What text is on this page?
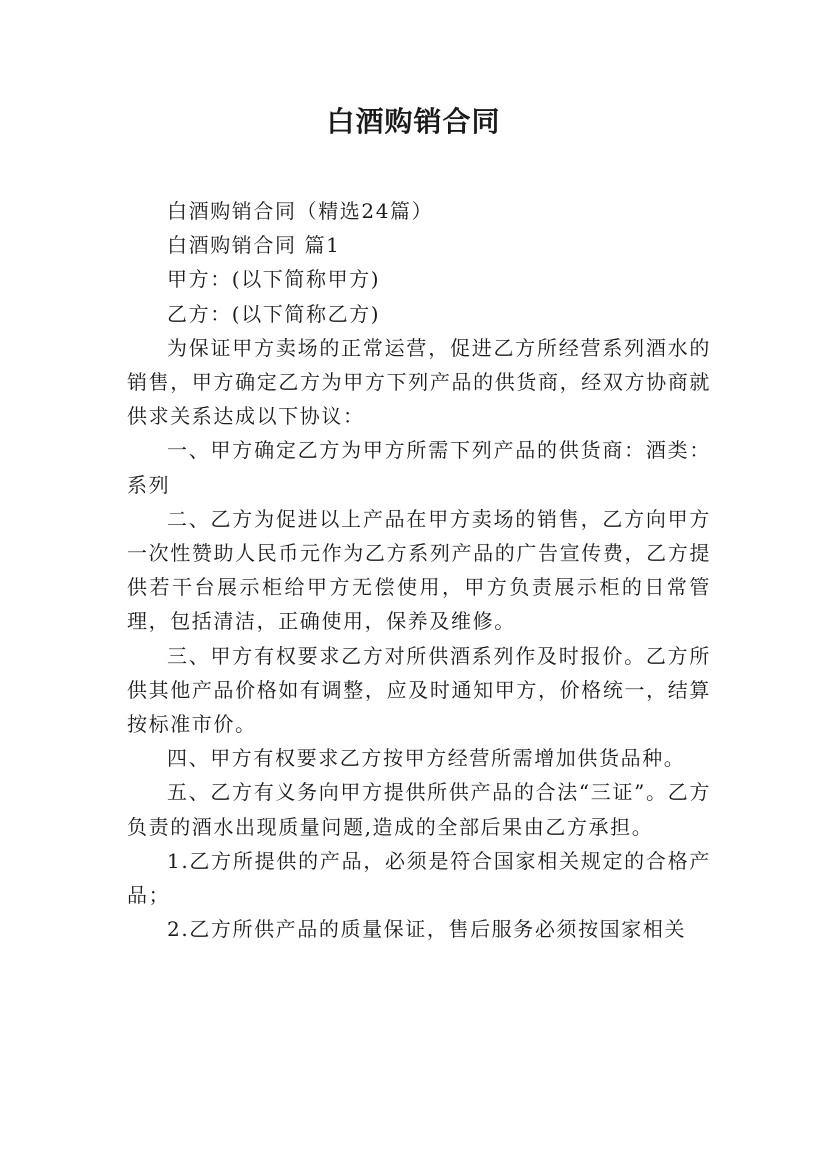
白酒购销合同

白酒购销合同（精选24篇）

白酒购销合同 篇1

甲方：(以下简称甲方)

乙方：(以下简称乙方)

为保证甲方卖场的正常运营，促进乙方所经营系列酒水的销售，甲方确定乙方为甲方下列产品的供货商，经双方协商就供求关系达成以下协议：

一、甲方确定乙方为甲方所需下列产品的供货商：酒类：系列

二、乙方为促进以上产品在甲方卖场的销售，乙方向甲方一次性赞助人民币元作为乙方系列产品的广告宣传费，乙方提供若干台展示柜给甲方无偿使用，甲方负责展示柜的日常管理，包括清洁，正确使用，保养及维修。

三、甲方有权要求乙方对所供酒系列作及时报价。乙方所供其他产品价格如有调整，应及时通知甲方，价格统一，结算按标准市价。

四、甲方有权要求乙方按甲方经营所需增加供货品种。

五、乙方有义务向甲方提供所供产品的合法“三证”。乙方负责的酒水出现质量问题,造成的全部后果由乙方承担。

1.乙方所提供的产品，必须是符合国家相关规定的合格产品；

2.乙方所供产品的质量保证，售后服务必须按国家相关
